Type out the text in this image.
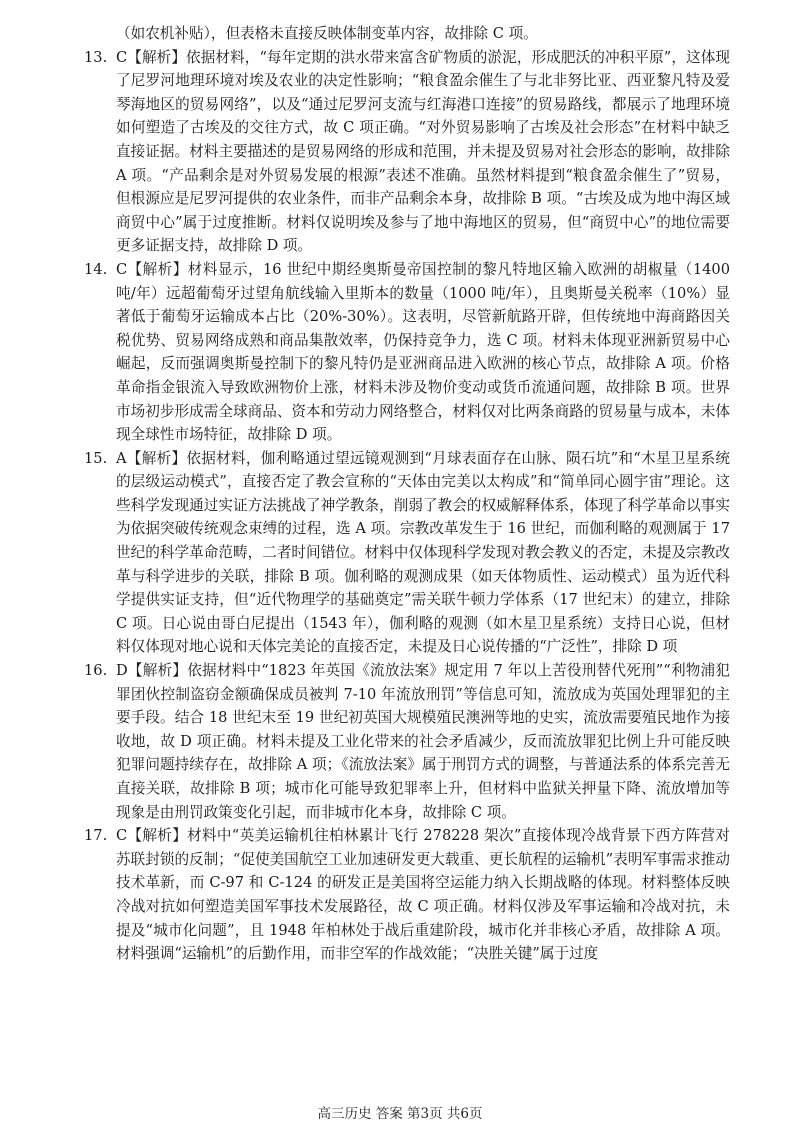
（如农机补贴），但表格未直接反映体制变革内容，故排除 C 项。

13. C【解析】依据材料，“每年定期的洪水带来富含矿物质的淤泥，形成肥沃的冲积平原”，这体现了尼罗河地理环境对埃及农业的决定性影响；“粮食盈余催生了与北非努比亚、西亚黎凡特及爱琴海地区的贸易网络”，以及“通过尼罗河支流与红海港口连接”的贸易路线，都展示了地理环境如何塑造了古埃及的交往方式，故 C 项正确。“对外贸易影响了古埃及社会形态”在材料中缺乏直接证据。材料主要描述的是贸易网络的形成和范围，并未提及贸易对社会形态的影响，故排除 A 项。“产品剩余是对外贸易发展的根源”表述不准确。虽然材料提到“粮食盈余催生了”贸易，但根源应是尼罗河提供的农业条件，而非产品剩余本身，故排除 B 项。“古埃及成为地中海区域商贸中心”属于过度推断。材料仅说明埃及参与了地中海地区的贸易，但“商贸中心”的地位需要更多证据支持，故排除 D 项。
14. C【解析】材料显示，16 世纪中期经奥斯曼帝国控制的黎凡特地区输入欧洲的胡椒量（1400 吨/年）远超葡萄牙过望角航线输入里斯本的数量（1000 吨/年），且奥斯曼关税率（10%）显著低于葡萄牙运输成本占比（20%-30%）。这表明，尽管新航路开辟，但传统地中海商路因关税优势、贸易网络成熟和商品集散效率，仍保持竞争力，选 C 项。材料未体现亚洲新贸易中心崛起，反而强调奥斯曼控制下的黎凡特仍是亚洲商品进入欧洲的核心节点，故排除 A 项。价格革命指金银流入导致欧洲物价上涨，材料未涉及物价变动或货币流通问题，故排除 B 项。世界市场初步形成需全球商品、资本和劳动力网络整合，材料仅对比两条商路的贸易量与成本，未体现全球性市场特征，故排除 D 项。
15. A【解析】依据材料，伽利略通过望远镜观测到“月球表面存在山脉、陨石坑”和“木星卫星系统的层级运动模式”，直接否定了教会宣称的“天体由完美以太构成”和“简单同心圆宇宙”理论。这些科学发现通过实证方法挑战了神学教条，削弱了教会的权威解释体系，体现了科学革命以事实为依据突破传统观念束缚的过程，选 A 项。宗教改革发生于 16 世纪，而伽利略的观测属于 17 世纪的科学革命范畴，二者时间错位。材料中仅体现科学发现对教会教义的否定，未提及宗教改革与科学进步的关联，排除 B 项。伽利略的观测成果（如天体物质性、运动模式）虽为近代科学提供实证支持，但“近代物理学的基础奠定”需关联牛顿力学体系（17 世纪末）的建立，排除 C 项。日心说由哥白尼提出（1543 年），伽利略的观测（如木星卫星系统）支持日心说，但材料仅体现对地心说和天体完美论的直接否定，未提及日心说传播的“广泛性”，排除 D 项
16. D【解析】依据材料中“1823 年英国《流放法案》规定用 7 年以上苦役刑替代死刑”“利物浦犯罪团伙控制盗窃金额确保成员被判 7-10 年流放刑罚”等信息可知，流放成为英国处理罪犯的主要手段。结合 18 世纪末至 19 世纪初英国大规模殖民澳洲等地的史实，流放需要殖民地作为接收地，故 D 项正确。材料未提及工业化带来的社会矛盾减少，反而流放罪犯比例上升可能反映犯罪问题持续存在，故排除 A 项；《流放法案》属于刑罚方式的调整，与普通法系的体系完善无直接关联，故排除 B 项；城市化可能导致犯罪率上升，但材料中监狱关押量下降、流放增加等现象是由刑罚政策变化引起，而非城市化本身，故排除 C 项。
17. C【解析】材料中“英美运输机往柏林累计飞行 278228 架次”直接体现冷战背景下西方阵营对苏联封锁的反制；“促使美国航空工业加速研发更大载重、更长航程的运输机”表明军事需求推动技术革新，而 C-97 和 C-124 的研发正是美国将空运能力纳入长期战略的体现。材料整体反映冷战对抗如何塑造美国军事技术发展路径，故 C 项正确。材料仅涉及军事运输和冷战对抗，未提及“城市化问题”，且 1948 年柏林处于战后重建阶段，城市化并非核心矛盾，故排除 A 项。材料强调“运输机”的后勤作用，而非空军的作战效能；“决胜关键”属于过度
高三历史 答案 第3页 共6页
